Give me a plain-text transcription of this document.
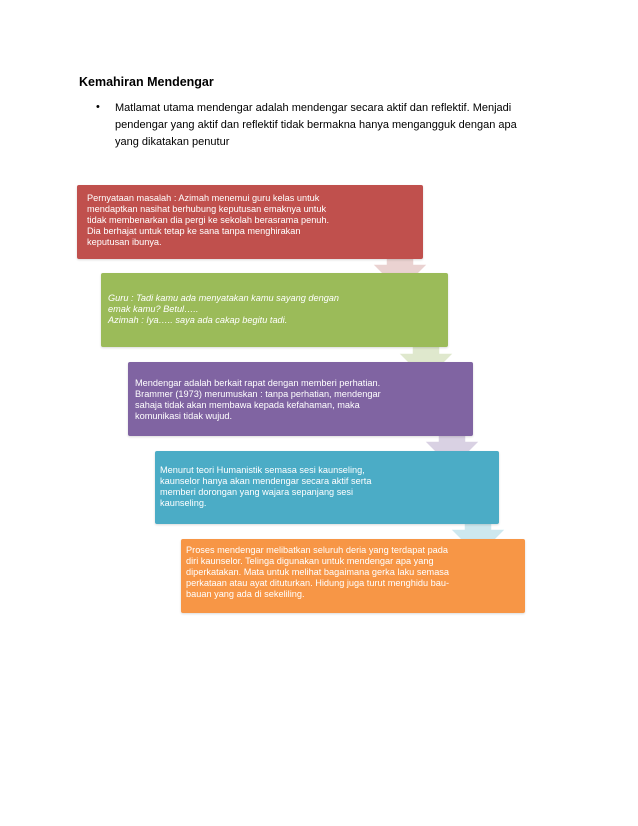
Kemahiran Mendengar
• Matlamat utama mendengar adalah mendengar secara aktif dan reflektif. Menjadi pendengar yang aktif dan reflektif tidak bermakna hanya mengangguk dengan apa yang dikatakan penutur
Pernyataan masalah : Azimah menemui guru kelas untuk mendaptkan nasihat berhubung keputusan emaknya untuk tidak membenarkan dia pergi ke sekolah berasrama penuh. Dia berhajat untuk tetap ke sana tanpa menghirakan keputusan ibunya.
Guru : Tadi kamu ada menyatakan kamu sayang dengan emak kamu? Betul…..
Azimah : Iya….. saya ada cakap begitu tadi.
Mendengar adalah berkait rapat dengan memberi perhatian. Brammer (1973) merumuskan : tanpa perhatian, mendengar sahaja tidak akan membawa kepada kefahaman, maka komunikasi tidak wujud.
Menurut teori Humanistik semasa sesi kaunseling, kaunselor hanya akan mendengar secara aktif serta memberi dorongan yang wajara sepanjang sesi kaunseling.
Proses mendengar melibatkan seluruh deria yang terdapat pada diri kaunselor. Telinga digunakan untuk mendengar apa yang diperkatakan. Mata untuk melihat bagaimana gerka laku semasa perkataan atau ayat dituturkan. Hidung juga turut menghidu bau-bauan yang ada di sekeliling.
